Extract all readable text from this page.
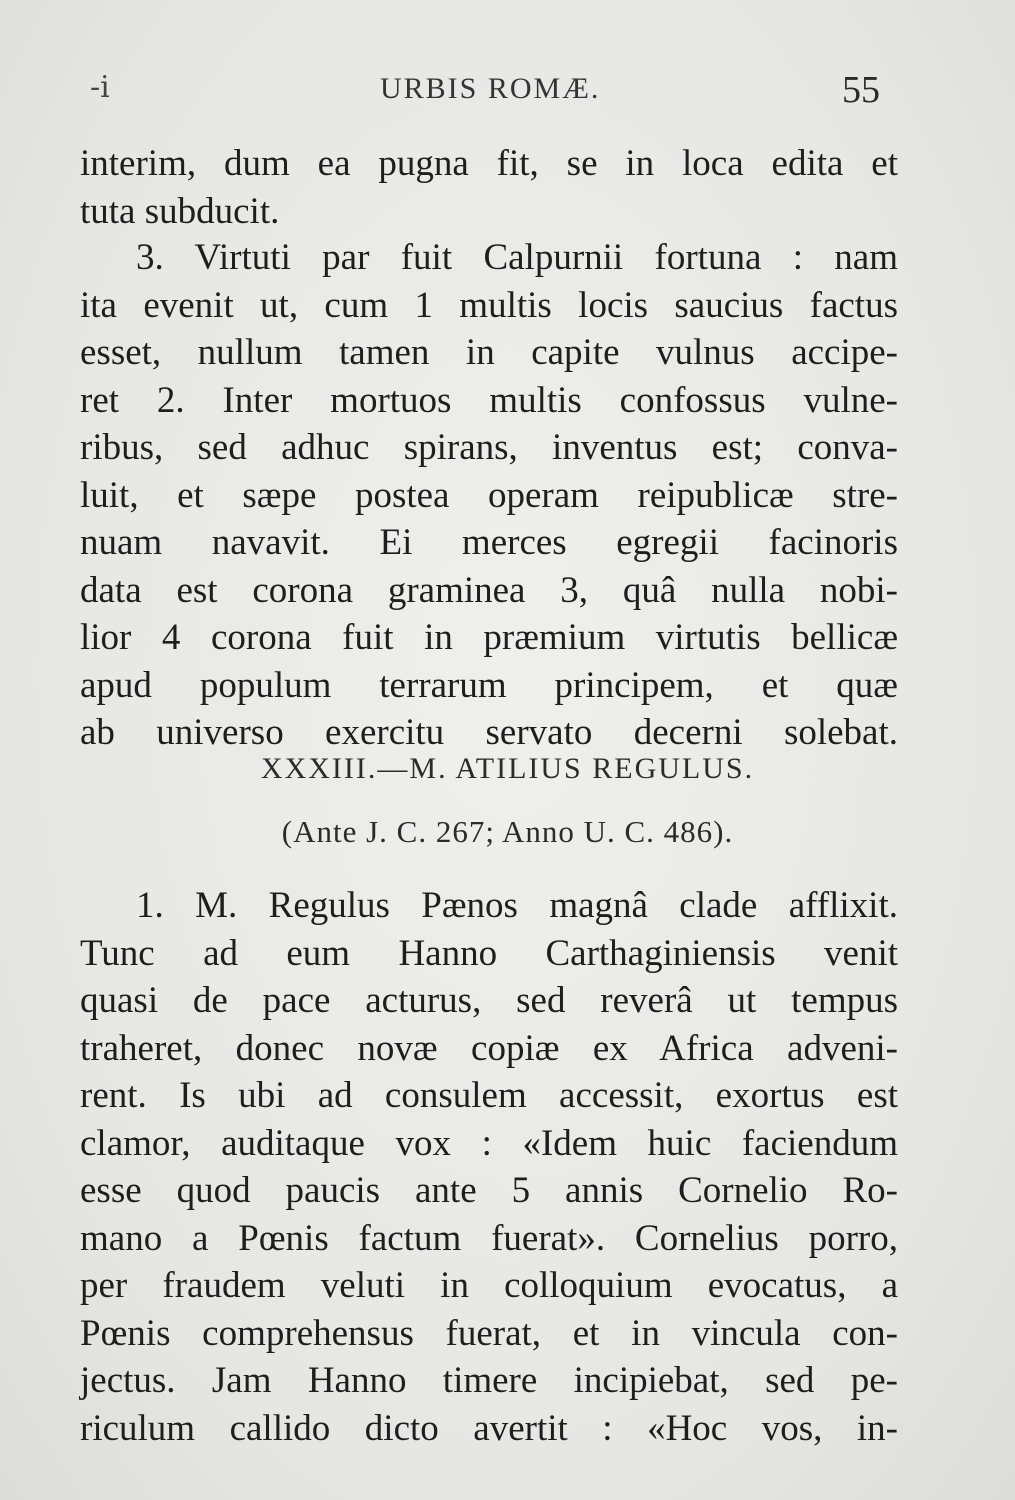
-i	URBIS ROMÆ.	55
interim, dum ea pugna fit, se in loca edita et
tuta subducit.
3. Virtuti par fuit Calpurnii fortuna : nam
ita evenit ut, cum 1 multis locis saucius factus
esset, nullum tamen in capite vulnus accipe-
ret 2. Inter mortuos multis confossus vulne-
ribus, sed adhuc spirans, inventus est; conva-
luit, et sæpe postea operam reipublicæ stre-
nuam navavit. Ei merces egregii facinoris
data est corona graminea 3, quâ nulla nobi-
lior 4 corona fuit in præmium virtutis bellicæ
apud populum terrarum principem, et quæ
ab universo exercitu servato decerni solebat.
XXXIII.—M. ATILIUS REGULUS.
(Ante J. C. 267; Anno U. C. 486).
1. M. Regulus Pænos magnâ clade afflixit.
Tunc ad eum Hanno Carthaginiensis venit
quasi de pace acturus, sed reverâ ut tempus
traheret, donec novæ copiæ ex Africa adveni-
rent. Is ubi ad consulem accessit, exortus est
clamor, auditaque vox : «Idem huic faciendum
esse quod paucis ante 5 annis Cornelio Ro-
mano a Pœnis factum fuerat». Cornelius porro,
per fraudem veluti in colloquium evocatus, a
Pœnis comprehensus fuerat, et in vincula con-
jectus. Jam Hanno timere incipiebat, sed pe-
riculum callido dicto avertit : «Hoc vos, in-
